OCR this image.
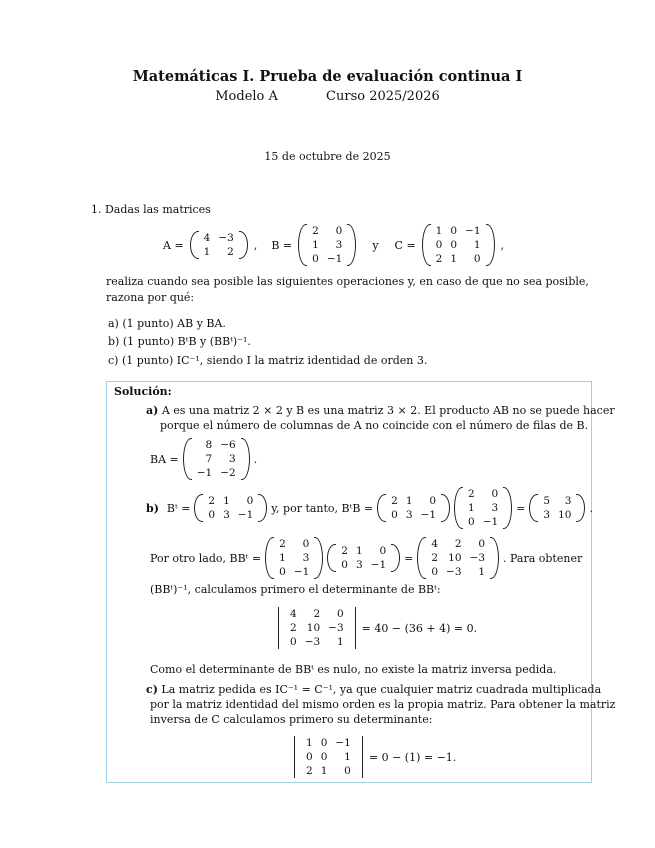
Matemáticas I. Prueba de evaluación continua I
Modelo A	Curso 2025/2026
15 de octubre de 2025
1. Dadas las matrices
A =
4	−3
1	2
, B =
2	0
1	3
0	−1
y C =
1	0	−1
0	0	1
2	1	0
,
realiza cuando sea posible las siguientes operaciones y, en caso de que no sea posible,
razona por qué:
a) (1 punto) AB y BA.
b) (1 punto) BᵗB y (BBᵗ)⁻¹.
c) (1 punto) IC⁻¹, siendo I la matriz identidad de orden 3.
Solución:
a) A es una matriz 2 × 2 y B es una matriz 3 × 2. El producto AB no se puede hacer
porque el número de columnas de A no coincide con el número de filas de B.
BA =
8	−6
7	3
−1	−2
.
b) Bᵗ =
2	1	0
0	3	−1
y, por tanto, BᵗB =
2	1	0
0	3	−1
2	0
1	3
0	−1
=
5	3
3	10
.
Por otro lado, BBᵗ =
2	0
1	3
0	−1
2	1	0
0	3	−1
=
4	2	0
2	10	−3
0	−3	1
. Para obtener
(BBᵗ)⁻¹, calculamos primero el determinante de BBᵗ:
4	2	0
2	10	−3
0	−3	1
= 40 − (36 + 4) = 0.
Como el determinante de BBᵗ es nulo, no existe la matriz inversa pedida.
c) La matriz pedida es IC⁻¹ = C⁻¹, ya que cualquier matriz cuadrada multiplicada
por la matriz identidad del mismo orden es la propia matriz. Para obtener la matriz
inversa de C calculamos primero su determinante:
1	0	−1
0	0	1
2	1	0
= 0 − (1) = −1.
